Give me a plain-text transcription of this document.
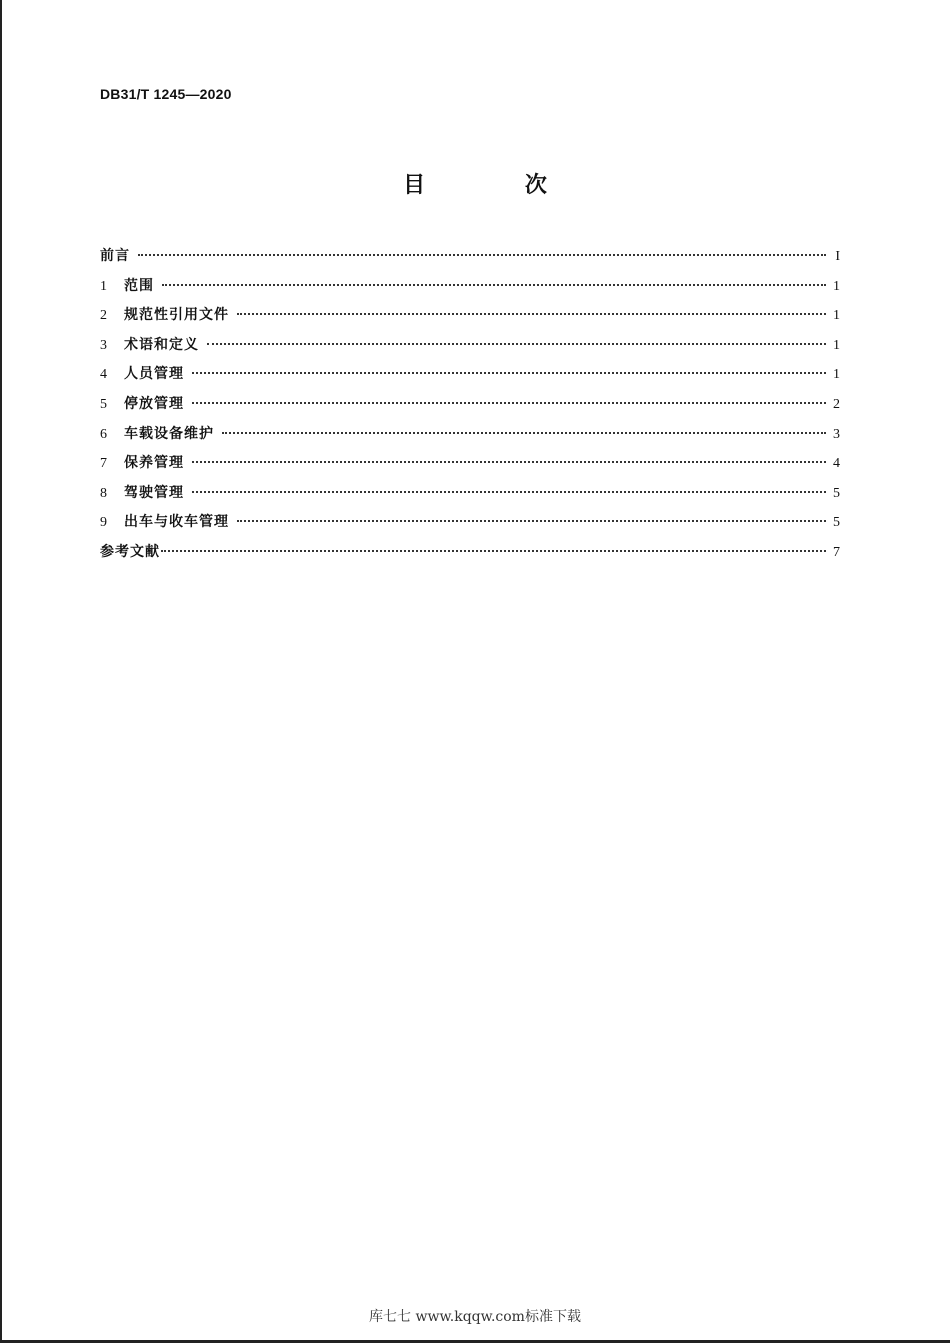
DB31/T 1245—2020
目 次
前言	I
1	范围	1
2	规范性引用文件	1
3	术语和定义	1
4	人员管理	1
5	停放管理	2
6	车载设备维护	3
7	保养管理	4
8	驾驶管理	5
9	出车与收车管理	5
参考文献	7
库七七 www.kqqw.com标准下载
